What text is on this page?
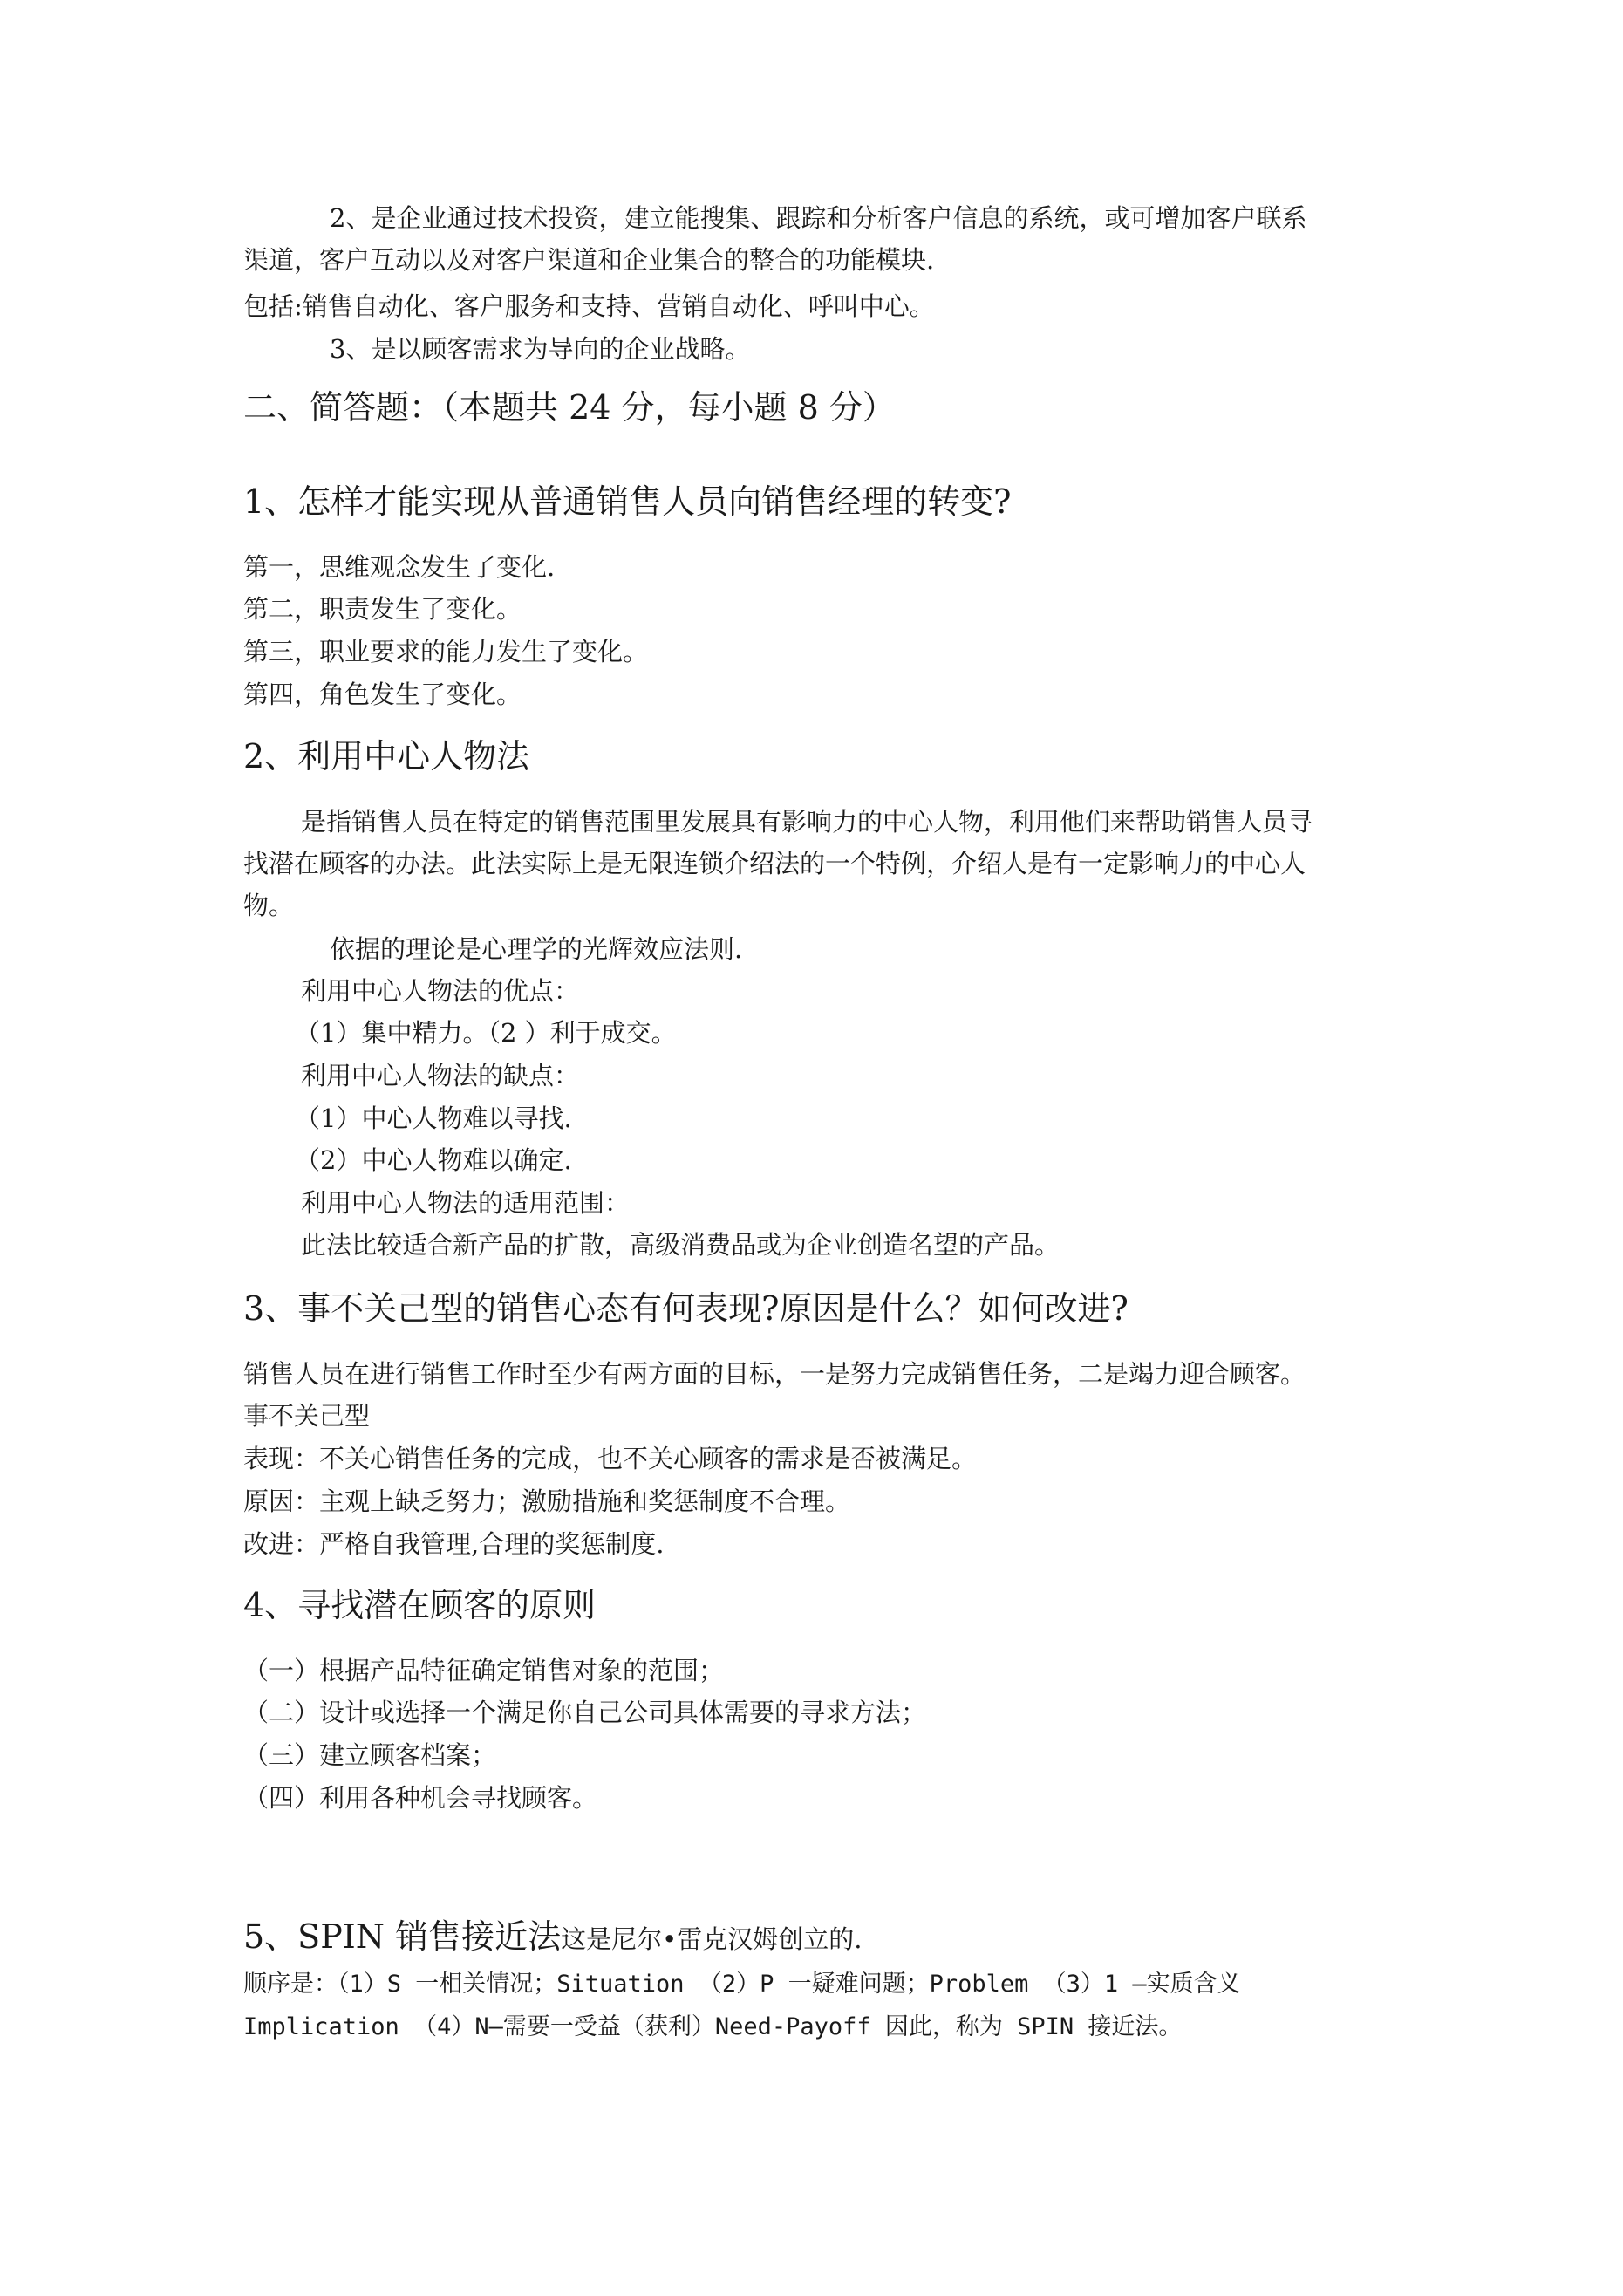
2、是企业通过技术投资，建立能搜集、跟踪和分析客户信息的系统，或可增加客户联系
渠道，客户互动以及对客户渠道和企业集合的整合的功能模块.
包括:销售自动化、客户服务和支持、营销自动化、呼叫中心。
3、是以顾客需求为导向的企业战略。
二、简答题：（本题共 24 分，每小题 8 分）
1、怎样才能实现从普通销售人员向销售经理的转变?
第一，思维观念发生了变化.
第二，职责发生了变化。
第三，职业要求的能力发生了变化。
第四，角色发生了变化。
2、利用中心人物法
是指销售人员在特定的销售范围里发展具有影响力的中心人物，利用他们来帮助销售人员寻
找潜在顾客的办法。此法实际上是无限连锁介绍法的一个特例，介绍人是有一定影响力的中心人
物。
依据的理论是心理学的光辉效应法则.
利用中心人物法的优点：
（1）集中精力。（2 ）利于成交。
利用中心人物法的缺点：
（1）中心人物难以寻找.
（2）中心人物难以确定.
利用中心人物法的适用范围：
此法比较适合新产品的扩散，高级消费品或为企业创造名望的产品。
3、事不关己型的销售心态有何表现?原因是什么？如何改进?
销售人员在进行销售工作时至少有两方面的目标，一是努力完成销售任务，二是竭力迎合顾客。
事不关己型
表现：不关心销售任务的完成，也不关心顾客的需求是否被满足。
原因：主观上缺乏努力；激励措施和奖惩制度不合理。
改进：严格自我管理,合理的奖惩制度.
4、寻找潜在顾客的原则
（一）根据产品特征确定销售对象的范围；
（二）设计或选择一个满足你自己公司具体需要的寻求方法；
（三）建立顾客档案；
（四）利用各种机会寻找顾客。
5、SPIN 销售接近法这是尼尔•雷克汉姆创立的.
顺序是：（1）S 一相关情况；Situation （2）P 一疑难问题；Problem （3）1 —实质含义
Implication （4）N—需要一受益（获利）Need-Payoff 因此，称为 SPIN 接近法。
